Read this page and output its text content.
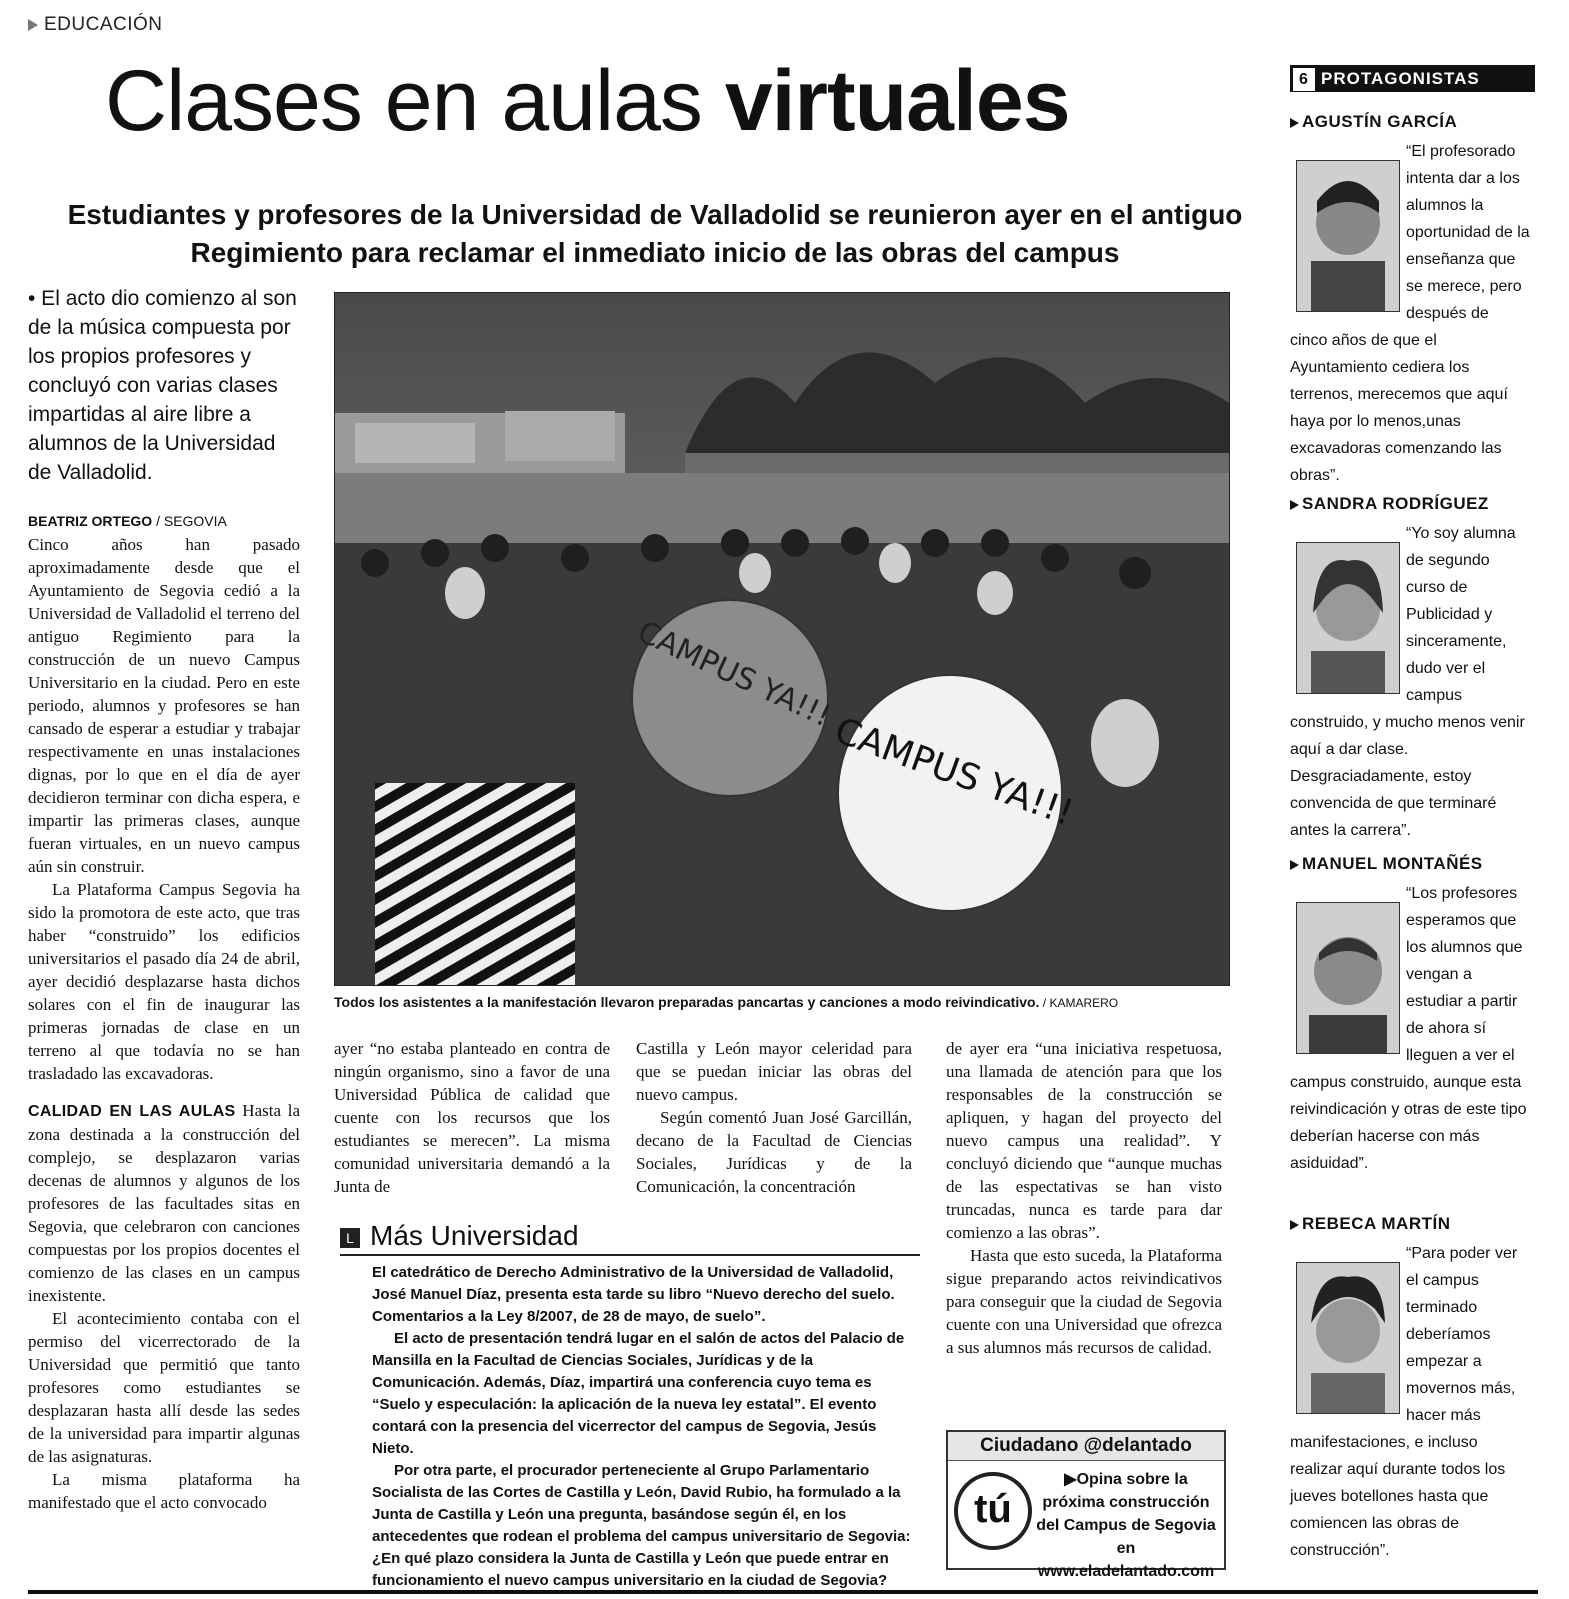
EDUCACIÓN
Clases en aulas virtuales
Estudiantes y profesores de la Universidad de Valladolid se reunieron ayer en el antiguo Regimiento para reclamar el inmediato inicio de las obras del campus
• El acto dio comienzo al son de la música compuesta por los propios profesores y concluyó con varias clases impartidas al aire libre a alumnos de la Universidad de Valladolid.
BEATRIZ ORTEGO / SEGOVIA

Cinco años han pasado aproximadamente desde que el Ayuntamiento de Segovia cedió a la Universidad de Valladolid el terreno del antiguo Regimiento para la construcción de un nuevo Campus Universitario en la ciudad. Pero en este periodo, alumnos y profesores se han cansado de esperar a estudiar y trabajar respectivamente en unas instalaciones dignas, por lo que en el día de ayer decidieron terminar con dicha espera, e impartir las primeras clases, aunque fueran virtuales, en un nuevo campus aún sin construir.

La Plataforma Campus Segovia ha sido la promotora de este acto, que tras haber “construido” los edificios universitarios el pasado día 24 de abril, ayer decidió desplazarse hasta dichos solares con el fin de inaugurar las primeras jornadas de clase en un terreno al que todavía no se han trasladado las excavadoras.

CALIDAD EN LAS AULAS Hasta la zona destinada a la construcción del complejo, se desplazaron varias decenas de alumnos y algunos de los profesores de las facultades sitas en Segovia, que celebraron con canciones compuestas por los propios docentes el comienzo de las clases en un campus inexistente.

El acontecimiento contaba con el permiso del vicerrectorado de la Universidad que permitió que tanto profesores como estudiantes se desplazaran hasta allí desde las sedes de la universidad para impartir algunas de las asignaturas.

La misma plataforma ha manifestado que el acto convocado

CAMPUS YA!!!
CAMPUS YA!!!
Todos los asistentes a la manifestación llevaron preparadas pancartas y canciones a modo reivindicativo. / KAMARERO

ayer “no estaba planteado en contra de ningún organismo, sino a favor de una Universidad Pública de calidad que cuente con los recursos que los estudiantes se merecen”. La misma comunidad universitaria demandó a la Junta de

Castilla y León mayor celeridad para que se puedan iniciar las obras del nuevo campus.

Según comentó Juan José Garcillán, decano de la Facultad de Ciencias Sociales, Jurídicas y de la Comunicación, la concentración

de ayer era “una iniciativa respetuosa, una llamada de atención para que los responsables de la construcción se apliquen, y hagan del proyecto del nuevo campus una realidad”. Y concluyó diciendo que “aunque muchas de las espectativas se han visto truncadas, nunca es tarde para dar comienzo a las obras”.

Hasta que esto suceda, la Plataforma sigue preparando actos reivindicativos para conseguir que la ciudad de Segovia cuente con una Universidad que ofrezca a sus alumnos más recursos de calidad.

L Más Universidad

El catedrático de Derecho Administrativo de la Universidad de Valladolid, José Manuel Díaz, presenta esta tarde su libro “Nuevo derecho del suelo. Comentarios a la Ley 8/2007, de 28 de mayo, de suelo”.

El acto de presentación tendrá lugar en el salón de actos del Palacio de Mansilla en la Facultad de Ciencias Sociales, Jurídicas y de la Comunicación. Además, Díaz, impartirá una conferencia cuyo tema es “Suelo y especulación: la aplicación de la nueva ley estatal”. El evento contará con la presencia del vicerrector del campus de Segovia, Jesús Nieto.

Por otra parte, el procurador perteneciente al Grupo Parlamentario Socialista de las Cortes de Castilla y León, David Rubio, ha formulado a la Junta de Castilla y León una pregunta, basándose según él, en los antecedentes que rodean el problema del campus universitario de Segovia: ¿En qué plazo considera la Junta de Castilla y León que puede entrar en funcionamiento el nuevo campus universitario en la ciudad de Segovia?

Ciudadano @delantado
tú
▶Opina sobre la próxima construcción del Campus de Segovia en www.eladelantado.com
6 PROTAGONISTAS
AGUSTÍN GARCÍA
“El profesorado intenta dar a los alumnos la oportunidad de la enseñanza que se merece, pero después de cinco años de que el Ayuntamiento cediera los terrenos, merecemos que aquí haya por lo menos,unas excavadoras comenzando las obras”.
SANDRA RODRÍGUEZ
“Yo soy alumna de segundo curso de Publicidad y sinceramente, dudo ver el campus construido, y mucho menos venir aquí a dar clase. Desgraciadamente, estoy convencida de que terminaré antes la carrera”.
MANUEL MONTAÑÉS
“Los profesores esperamos que los alumnos que vengan a estudiar a partir de ahora sí lleguen a ver el campus construido, aunque esta reivindicación y otras de este tipo deberían hacerse con más asiduidad”.
REBECA MARTÍN
“Para poder ver el campus terminado deberíamos empezar a movernos más, hacer más manifestaciones, e incluso realizar aquí durante todos los jueves botellones hasta que comiencen las obras de construcción”.
